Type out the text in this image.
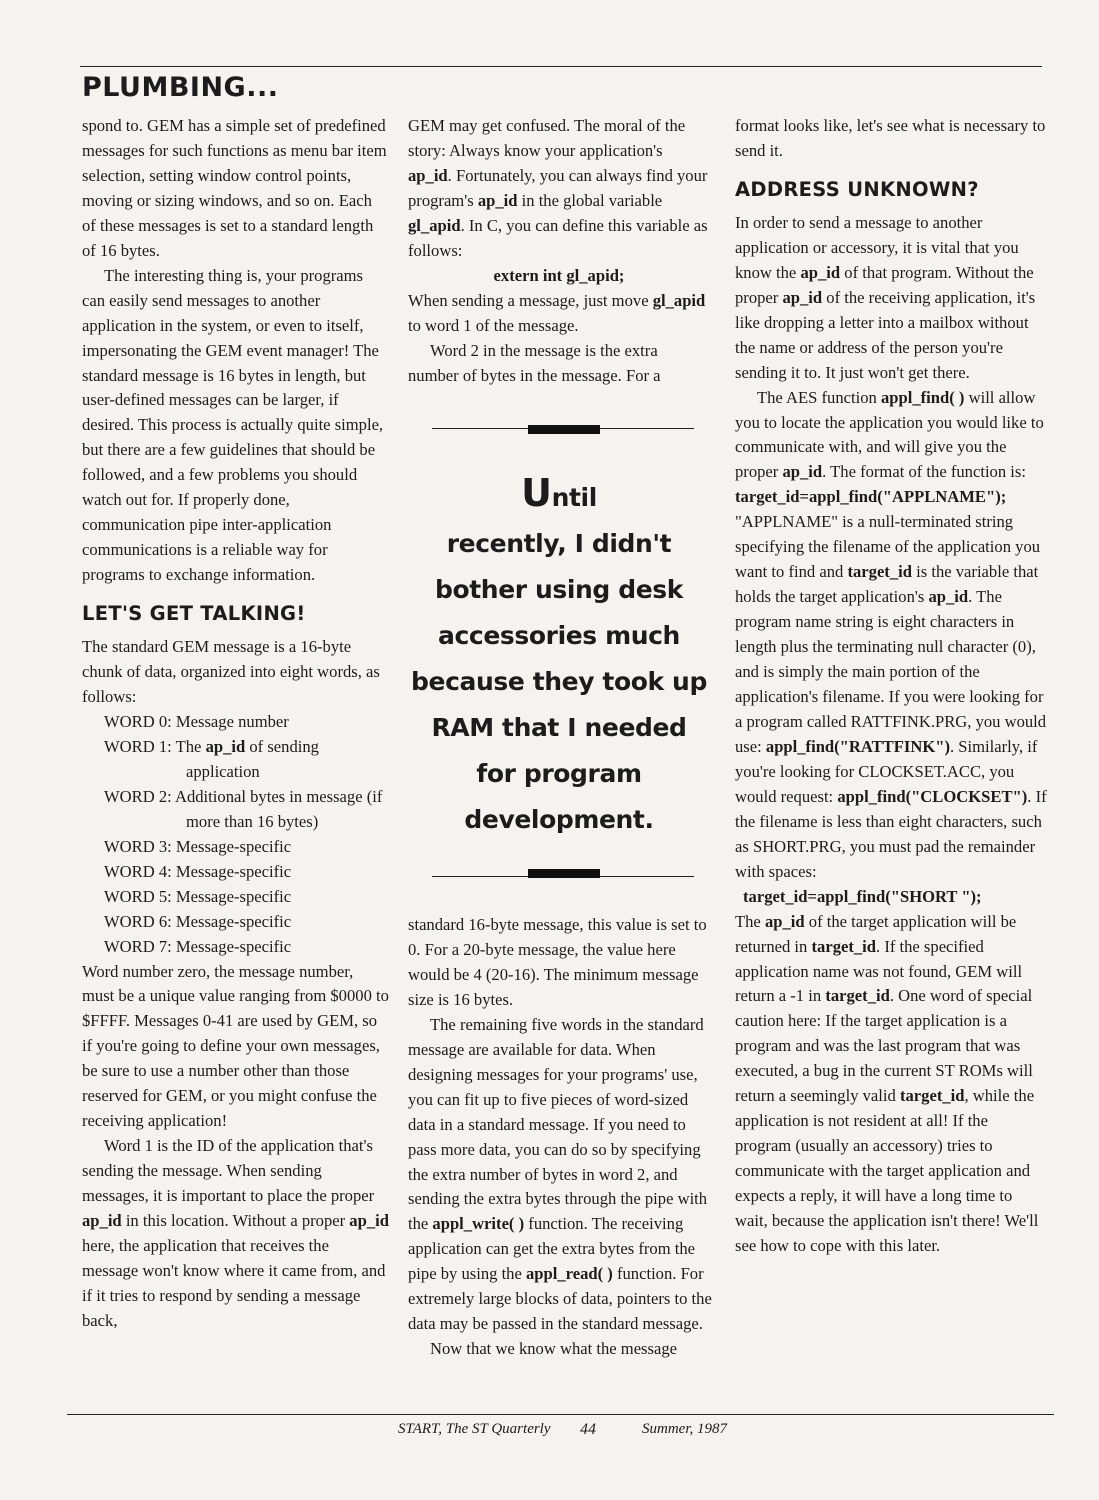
PLUMBING...

spond to. GEM has a simple set of predefined messages for such functions as menu bar item selection, setting window control points, moving or sizing windows, and so on. Each of these messages is set to a standard length of 16 bytes.

The interesting thing is, your programs can easily send messages to another application in the system, or even to itself, impersonating the GEM event manager! The standard message is 16 bytes in length, but user-defined messages can be larger, if desired. This process is actually quite simple, but there are a few guidelines that should be followed, and a few problems you should watch out for. If properly done, communication pipe inter-application communications is a reliable way for programs to exchange information.

LET'S GET TALKING!

The standard GEM message is a 16-byte chunk of data, organized into eight words, as follows:

WORD 0: Message number
WORD 1: The ap_id of sending application
WORD 2: Additional bytes in message (if more than 16 bytes)
WORD 3: Message-specific
WORD 4: Message-specific
WORD 5: Message-specific
WORD 6: Message-specific
WORD 7: Message-specific

Word number zero, the message number, must be a unique value ranging from $0000 to $FFFF. Messages 0-41 are used by GEM, so if you're going to define your own messages, be sure to use a number other than those reserved for GEM, or you might confuse the receiving application!

Word 1 is the ID of the application that's sending the message. When sending messages, it is important to place the proper ap_id in this location. Without a proper ap_id here, the application that receives the message won't know where it came from, and if it tries to respond by sending a message back,

GEM may get confused. The moral of the story: Always know your application's ap_id. Fortunately, you can always find your program's ap_id in the global variable gl_apid. In C, you can define this variable as follows:

extern int gl_apid;

When sending a message, just move gl_apid to word 1 of the message.

Word 2 in the message is the extra number of bytes in the message. For a

Until
recently, I didn't bother using desk accessories much because they took up RAM that I needed for program development.

standard 16-byte message, this value is set to 0. For a 20-byte message, the value here would be 4 (20-16). The minimum message size is 16 bytes.

The remaining five words in the standard message are available for data. When designing messages for your programs' use, you can fit up to five pieces of word-sized data in a standard message. If you need to pass more data, you can do so by specifying the extra number of bytes in word 2, and sending the extra bytes through the pipe with the appl_write( ) function. The receiving application can get the extra bytes from the pipe by using the appl_read( ) function. For extremely large blocks of data, pointers to the data may be passed in the standard message.

Now that we know what the message

format looks like, let's see what is necessary to send it.

ADDRESS UNKNOWN?

In order to send a message to another application or accessory, it is vital that you know the ap_id of that program. Without the proper ap_id of the receiving application, it's like dropping a letter into a mailbox without the name or address of the person you're sending it to. It just won't get there.

The AES function appl_find( ) will allow you to locate the application you would like to communicate with, and will give you the proper ap_id. The format of the function is:

target_id=appl_find("APPLNAME");

"APPLNAME" is a null-terminated string specifying the filename of the application you want to find and target_id is the variable that holds the target application's ap_id. The program name string is eight characters in length plus the terminating null character (0), and is simply the main portion of the application's filename. If you were looking for a program called RATTFINK.PRG, you would use: appl_find("RATTFINK"). Similarly, if you're looking for CLOCKSET.ACC, you would request: appl_find("CLOCKSET"). If the filename is less than eight characters, such as SHORT.PRG, you must pad the remainder with spaces:

target_id=appl_find("SHORT ");

The ap_id of the target application will be returned in target_id. If the specified application name was not found, GEM will return a -1 in target_id. One word of special caution here: If the target application is a program and was the last program that was executed, a bug in the current ST ROMs will return a seemingly valid target_id, while the application is not resident at all! If the program (usually an accessory) tries to communicate with the target application and expects a reply, it will have a long time to wait, because the application isn't there! We'll see how to cope with this later.

START, The ST Quarterly 44	Summer, 1987
